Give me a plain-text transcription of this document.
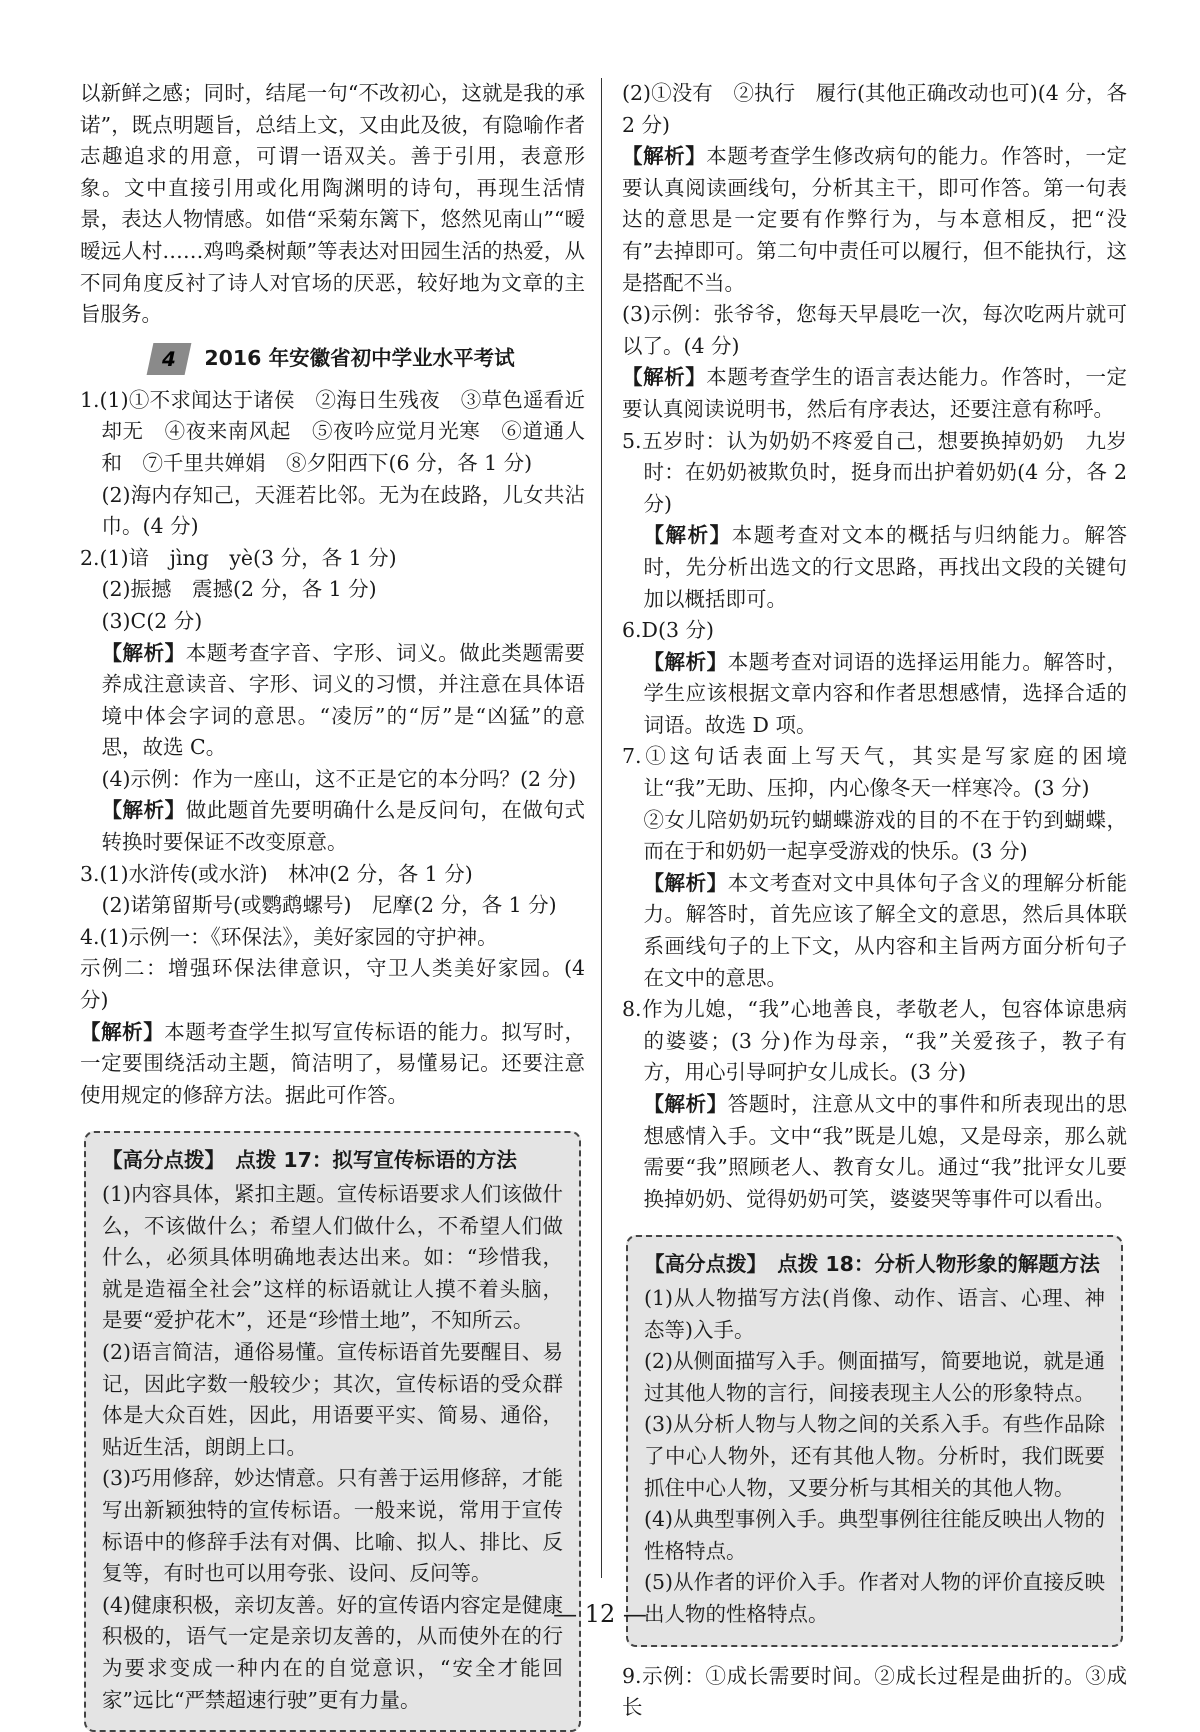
以新鲜之感；同时，结尾一句“不改初心，这就是我的承诺”，既点明题旨，总结上文，又由此及彼，有隐喻作者志趣追求的用意，可谓一语双关。善于引用，表意形象。文中直接引用或化用陶渊明的诗句，再现生活情景，表达人物情感。如借“采菊东篱下，悠然见南山”“暧暧远人村……鸡鸣桑树颠”等表达对田园生活的热爱，从不同角度反衬了诗人对官场的厌恶，较好地为文章的主旨服务。

4	2016 年安徽省初中学业水平考试

1.(1)①不求闻达于诸侯　②海日生残夜　③草色遥看近却无　④夜来南风起　⑤夜吟应觉月光寒　⑥道通人和　⑦千里共婵娟　⑧夕阳西下(6 分，各 1 分)

(2)海内存知己，天涯若比邻。无为在歧路，儿女共沾巾。(4 分)

2.(1)谙　jìng　yè(3 分，各 1 分)

(2)振撼　震撼(2 分，各 1 分)

(3)C(2 分)

【解析】本题考查字音、字形、词义。做此类题需要养成注意读音、字形、词义的习惯，并注意在具体语境中体会字词的意思。“凌厉”的“厉”是“凶猛”的意思，故选 C。

(4)示例：作为一座山，这不正是它的本分吗？(2 分)

【解析】做此题首先要明确什么是反问句，在做句式转换时要保证不改变原意。

3.(1)水浒传(或水浒)　林冲(2 分，各 1 分)

(2)诺第留斯号(或鹦鹉螺号)　尼摩(2 分，各 1 分)

4.(1)示例一：《环保法》，美好家园的守护神。

示例二：增强环保法律意识，守卫人类美好家园。(4 分)

【解析】本题考查学生拟写宣传标语的能力。拟写时，一定要围绕活动主题，简洁明了，易懂易记。还要注意使用规定的修辞方法。据此可作答。

【高分点拨】　 点拨 17：拟写宣传标语的方法

(1)内容具体，紧扣主题。宣传标语要求人们该做什么，不该做什么；希望人们做什么，不希望人们做什么，必须具体明确地表达出来。如：“珍惜我，就是造福全社会”这样的标语就让人摸不着头脑，是要“爱护花木”，还是“珍惜土地”，不知所云。

(2)语言简洁，通俗易懂。宣传标语首先要醒目、易记，因此字数一般较少；其次，宣传标语的受众群体是大众百姓，因此，用语要平实、简易、通俗，贴近生活，朗朗上口。

(3)巧用修辞，妙达情意。只有善于运用修辞，才能写出新颖独特的宣传标语。一般来说，常用于宣传标语中的修辞手法有对偶、比喻、拟人、排比、反复等，有时也可以用夸张、设问、反问等。

(4)健康积极，亲切友善。好的宣传语内容定是健康积极的，语气一定是亲切友善的，从而使外在的行为要求变成一种内在的自觉意识，“安全才能回家”远比“严禁超速行驶”更有力量。

(2)①没有　②执行　履行(其他正确改动也可)(4 分，各 2 分)

【解析】本题考查学生修改病句的能力。作答时，一定要认真阅读画线句，分析其主干，即可作答。第一句表达的意思是一定要有作弊行为，与本意相反，把“没有”去掉即可。第二句中责任可以履行，但不能执行，这是搭配不当。

(3)示例：张爷爷，您每天早晨吃一次，每次吃两片就可以了。(4 分)

【解析】本题考查学生的语言表达能力。作答时，一定要认真阅读说明书，然后有序表达，还要注意有称呼。

5.五岁时：认为奶奶不疼爱自己，想要换掉奶奶　九岁时：在奶奶被欺负时，挺身而出护着奶奶(4 分，各 2 分)

【解析】本题考查对文本的概括与归纳能力。解答时，先分析出选文的行文思路，再找出文段的关键句加以概括即可。

6.D(3 分)

【解析】本题考查对词语的选择运用能力。解答时，学生应该根据文章内容和作者思想感情，选择合适的词语。故选 D 项。

7.①这句话表面上写天气，其实是写家庭的困境让“我”无助、压抑，内心像冬天一样寒冷。(3 分)

②女儿陪奶奶玩钓蝴蝶游戏的目的不在于钓到蝴蝶，而在于和奶奶一起享受游戏的快乐。(3 分)

【解析】本文考查对文中具体句子含义的理解分析能力。解答时，首先应该了解全文的意思，然后具体联系画线句子的上下文，从内容和主旨两方面分析句子在文中的意思。

8.作为儿媳，“我”心地善良，孝敬老人，包容体谅患病的婆婆；(3 分)作为母亲，“我”关爱孩子，教子有方，用心引导呵护女儿成长。(3 分)

【解析】答题时，注意从文中的事件和所表现出的思想感情入手。文中“我”既是儿媳，又是母亲，那么就需要“我”照顾老人、教育女儿。通过“我”批评女儿要换掉奶奶、觉得奶奶可笑，婆婆哭等事件可以看出。

【高分点拨】　 点拨 18：分析人物形象的解题方法

(1)从人物描写方法(肖像、动作、语言、心理、神态等)入手。

(2)从侧面描写入手。侧面描写，简要地说，就是通过其他人物的言行，间接表现主人公的形象特点。

(3)从分析人物与人物之间的关系入手。有些作品除了中心人物外，还有其他人物。分析时，我们既要抓住中心人物，又要分析与其相关的其他人物。

(4)从典型事例入手。典型事例往往能反映出人物的性格特点。

(5)从作者的评价入手。作者对人物的评价直接反映出人物的性格特点。

9.示例：①成长需要时间。②成长过程是曲折的。③成长

— 12 —
